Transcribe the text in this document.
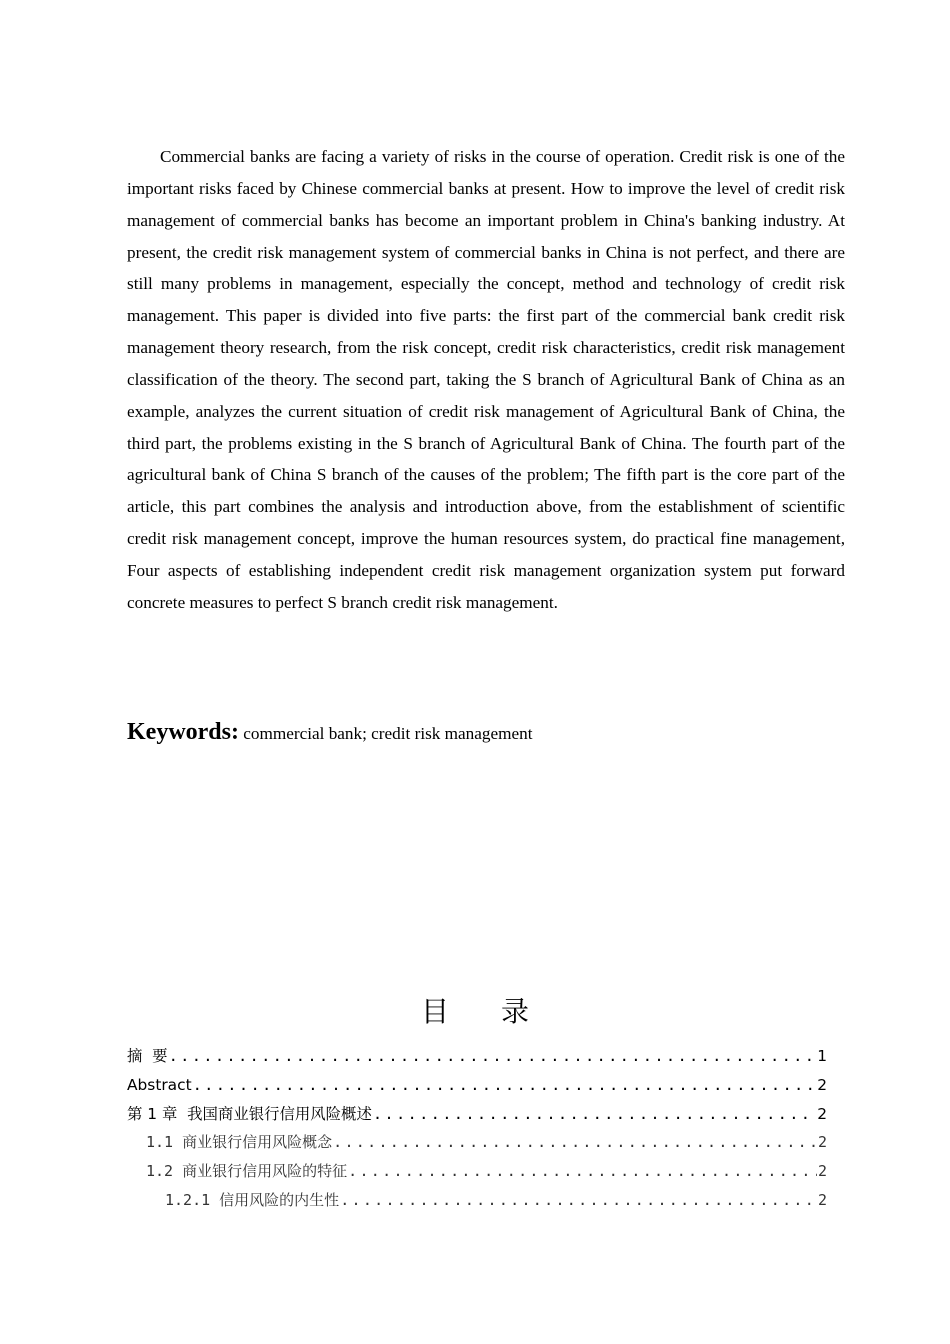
Commercial banks are facing a variety of risks in the course of operation. Credit risk is one of the important risks faced by Chinese commercial banks at present. How to improve the level of credit risk management of commercial banks has become an important problem in China's banking industry. At present, the credit risk management system of commercial banks in China is not perfect, and there are still many problems in management, especially the concept, method and technology of credit risk management. This paper is divided into five parts: the first part of the commercial bank credit risk management theory research, from the risk concept, credit risk characteristics, credit risk management classification of the theory. The second part, taking the S branch of Agricultural Bank of China as an example, analyzes the current situation of credit risk management of Agricultural Bank of China, the third part, the problems existing in the S branch of Agricultural Bank of China. The fourth part of the agricultural bank of China S branch of the causes of the problem; The fifth part is the core part of the article, this part combines the analysis and introduction above, from the establishment of scientific credit risk management concept, improve the human resources system, do practical fine management, Four aspects of establishing independent credit risk management organization system put forward concrete measures to perfect S branch credit risk management.

Keywords: commercial bank; credit risk management
目录
摘  要 .....	1
Abstract .....	2
第 1 章  我国商业银行信用风险概述 .....	2
1.1 商业银行信用风险概念 .....	2
1.2 商业银行信用风险的特征 .....	2
1.2.1 信用风险的内生性 .....	2
